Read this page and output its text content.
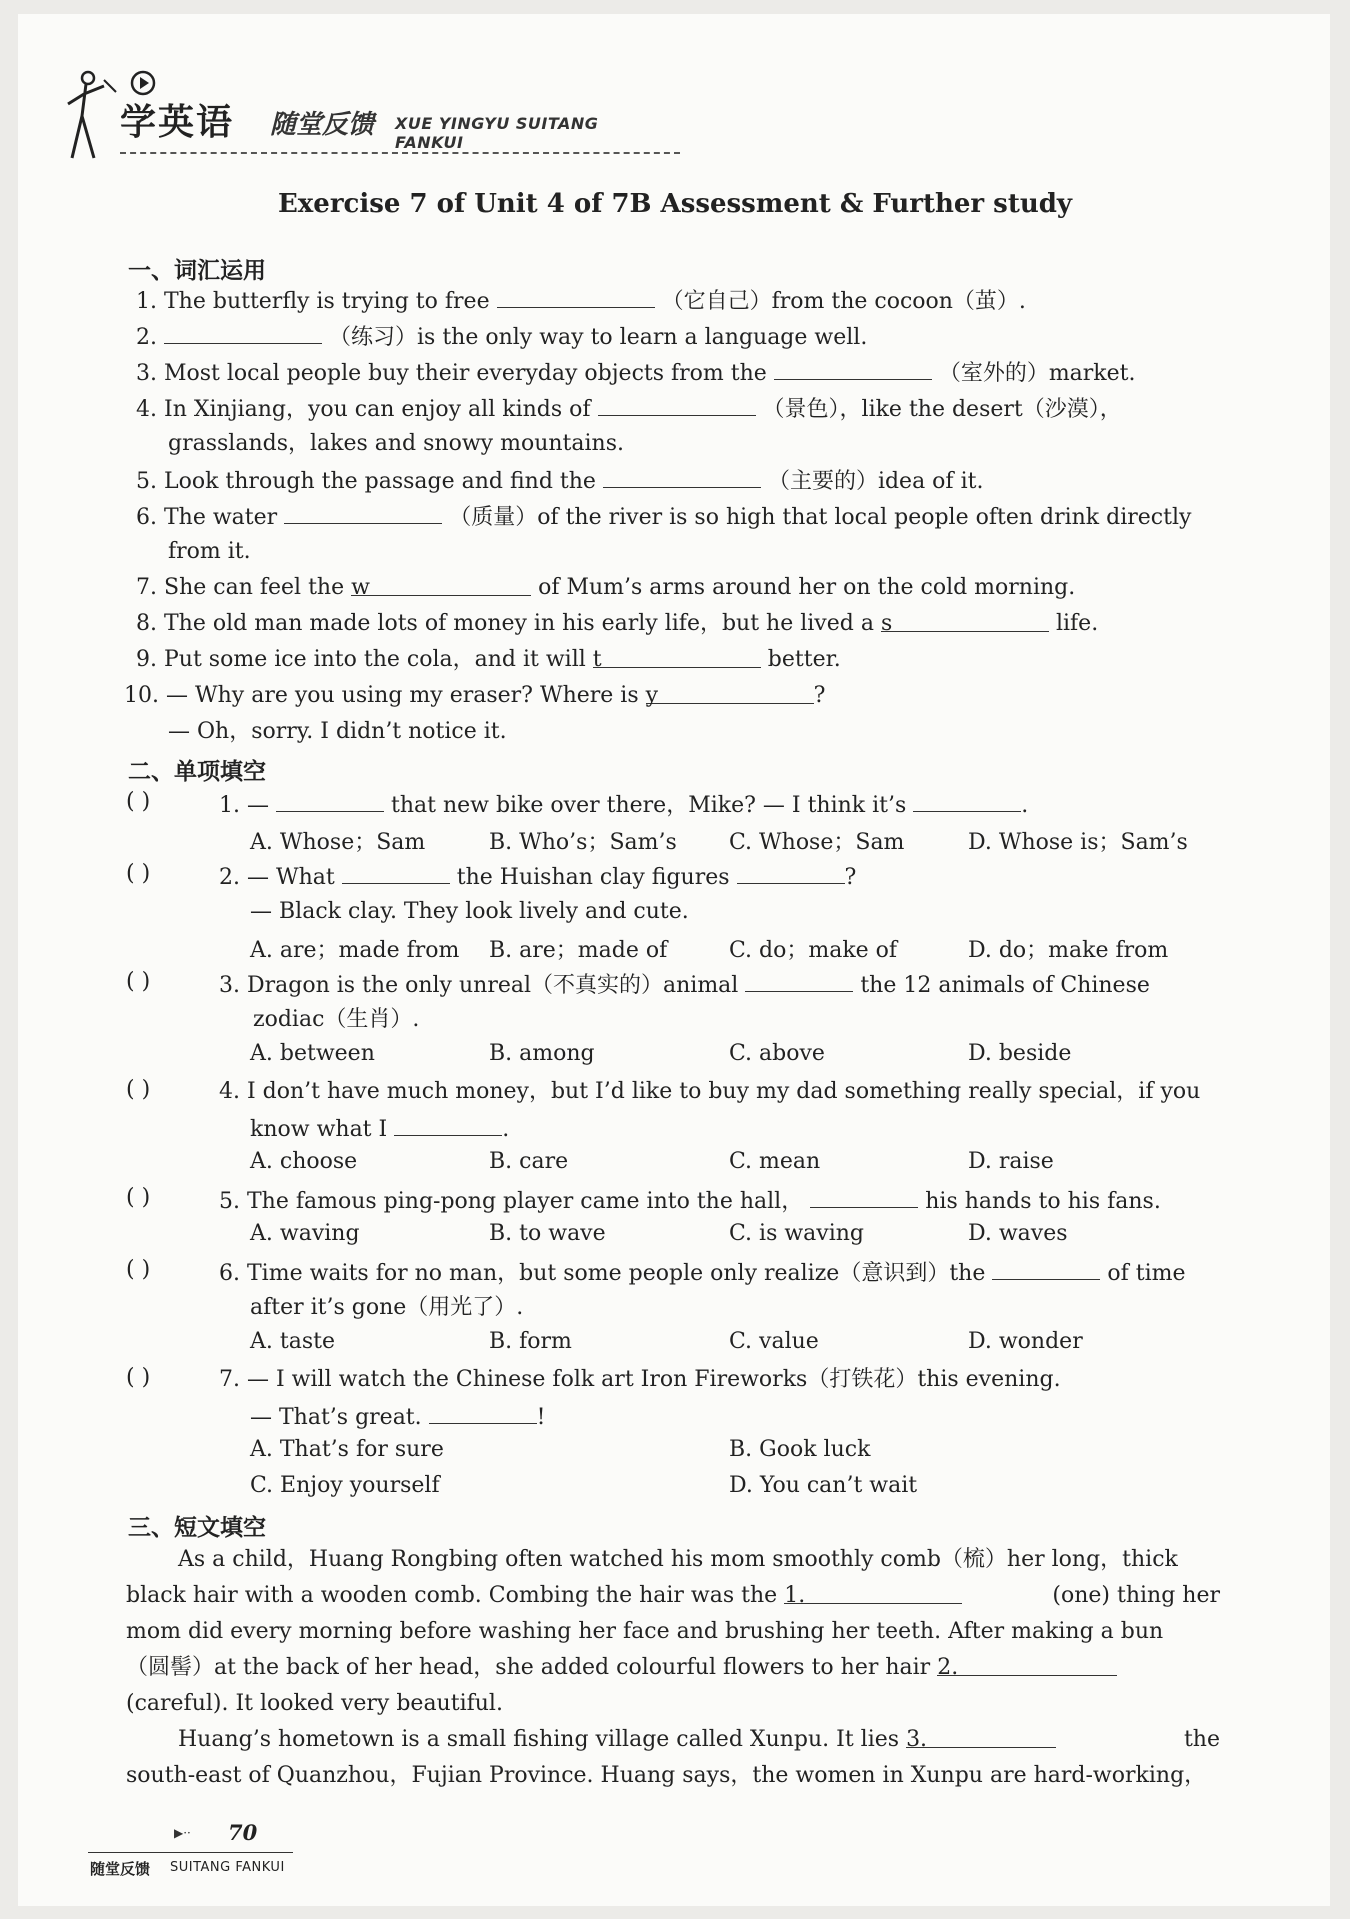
学英语 随堂反馈 XUE YINGYU SUITANG FANKUI
Exercise 7 of Unit 4 of 7B Assessment & Further study
一、词汇运用
1. The butterfly is trying to free	（它自己）from the cocoon（茧）.
2.	（练习）is the only way to learn a language well.
3. Most local people buy their everyday objects from the	（室外的）market.
4. In Xinjiang，you can enjoy all kinds of	（景色），like the desert（沙漠），
grasslands，lakes and snowy mountains.
5. Look through the passage and find the	（主要的）idea of it.
6. The water	（质量）of the river is so high that local people often drink directly
from it.
7. She can feel the w	of Mum’s arms around her on the cold morning.
8. The old man made lots of money in his early life，but he lived a s	life.
9. Put some ice into the cola，and it will t	better.
10. — Why are you using my eraser? Where is y	?
— Oh，sorry. I didn’t notice it.
二、单项填空
( )	1. —	that new bike over there，Mike? — I think it’s	.
A. Whose；Sam	B. Who’s；Sam’s C. Whose；Sam	D. Whose is；Sam’s
( )	2. — What	the Huishan clay figures	?
— Black clay. They look lively and cute.
A. are；made from B. are；made of	C. do；make of	D. do；make from
( )	3. Dragon is the only unreal（不真实的）animal	the 12 animals of Chinese
zodiac（生肖）.
A. between	B. among	C. above	D. beside
( )	4. I don’t have much money，but I’d like to buy my dad something really special，if you
know what I	.
A. choose	B. care	C. mean	D. raise
( )	5. The famous ping-pong player came into the hall，	his hands to his fans.
A. waving	B. to wave	C. is waving	D. waves
( )	6. Time waits for no man，but some people only realize（意识到）the	of time
after it’s gone（用光了）.
A. taste	B. form	C. value	D. wonder
( )	7. — I will watch the Chinese folk art Iron Fireworks（打铁花）this evening.
— That’s great.	!
A. That’s for sure	B. Gook luck
C. Enjoy yourself	D. You can’t wait
三、短文填空
As a child，Huang Rongbing often watched his mom smoothly comb（梳）her long，thick
black hair with a wooden comb. Combing the hair was the 1.	(one) thing her
mom did every morning before washing her face and brushing her teeth. After making a bun
（圆髻）at the back of her head，she added colourful flowers to her hair 2.
(careful). It looked very beautiful.
Huang’s hometown is a small fishing village called Xunpu. It lies 3.	the
south-east of Quanzhou，Fujian Province. Huang says，the women in Xunpu are hard-working，
▶·· 70
随堂反馈 SUITANG FANKUI
